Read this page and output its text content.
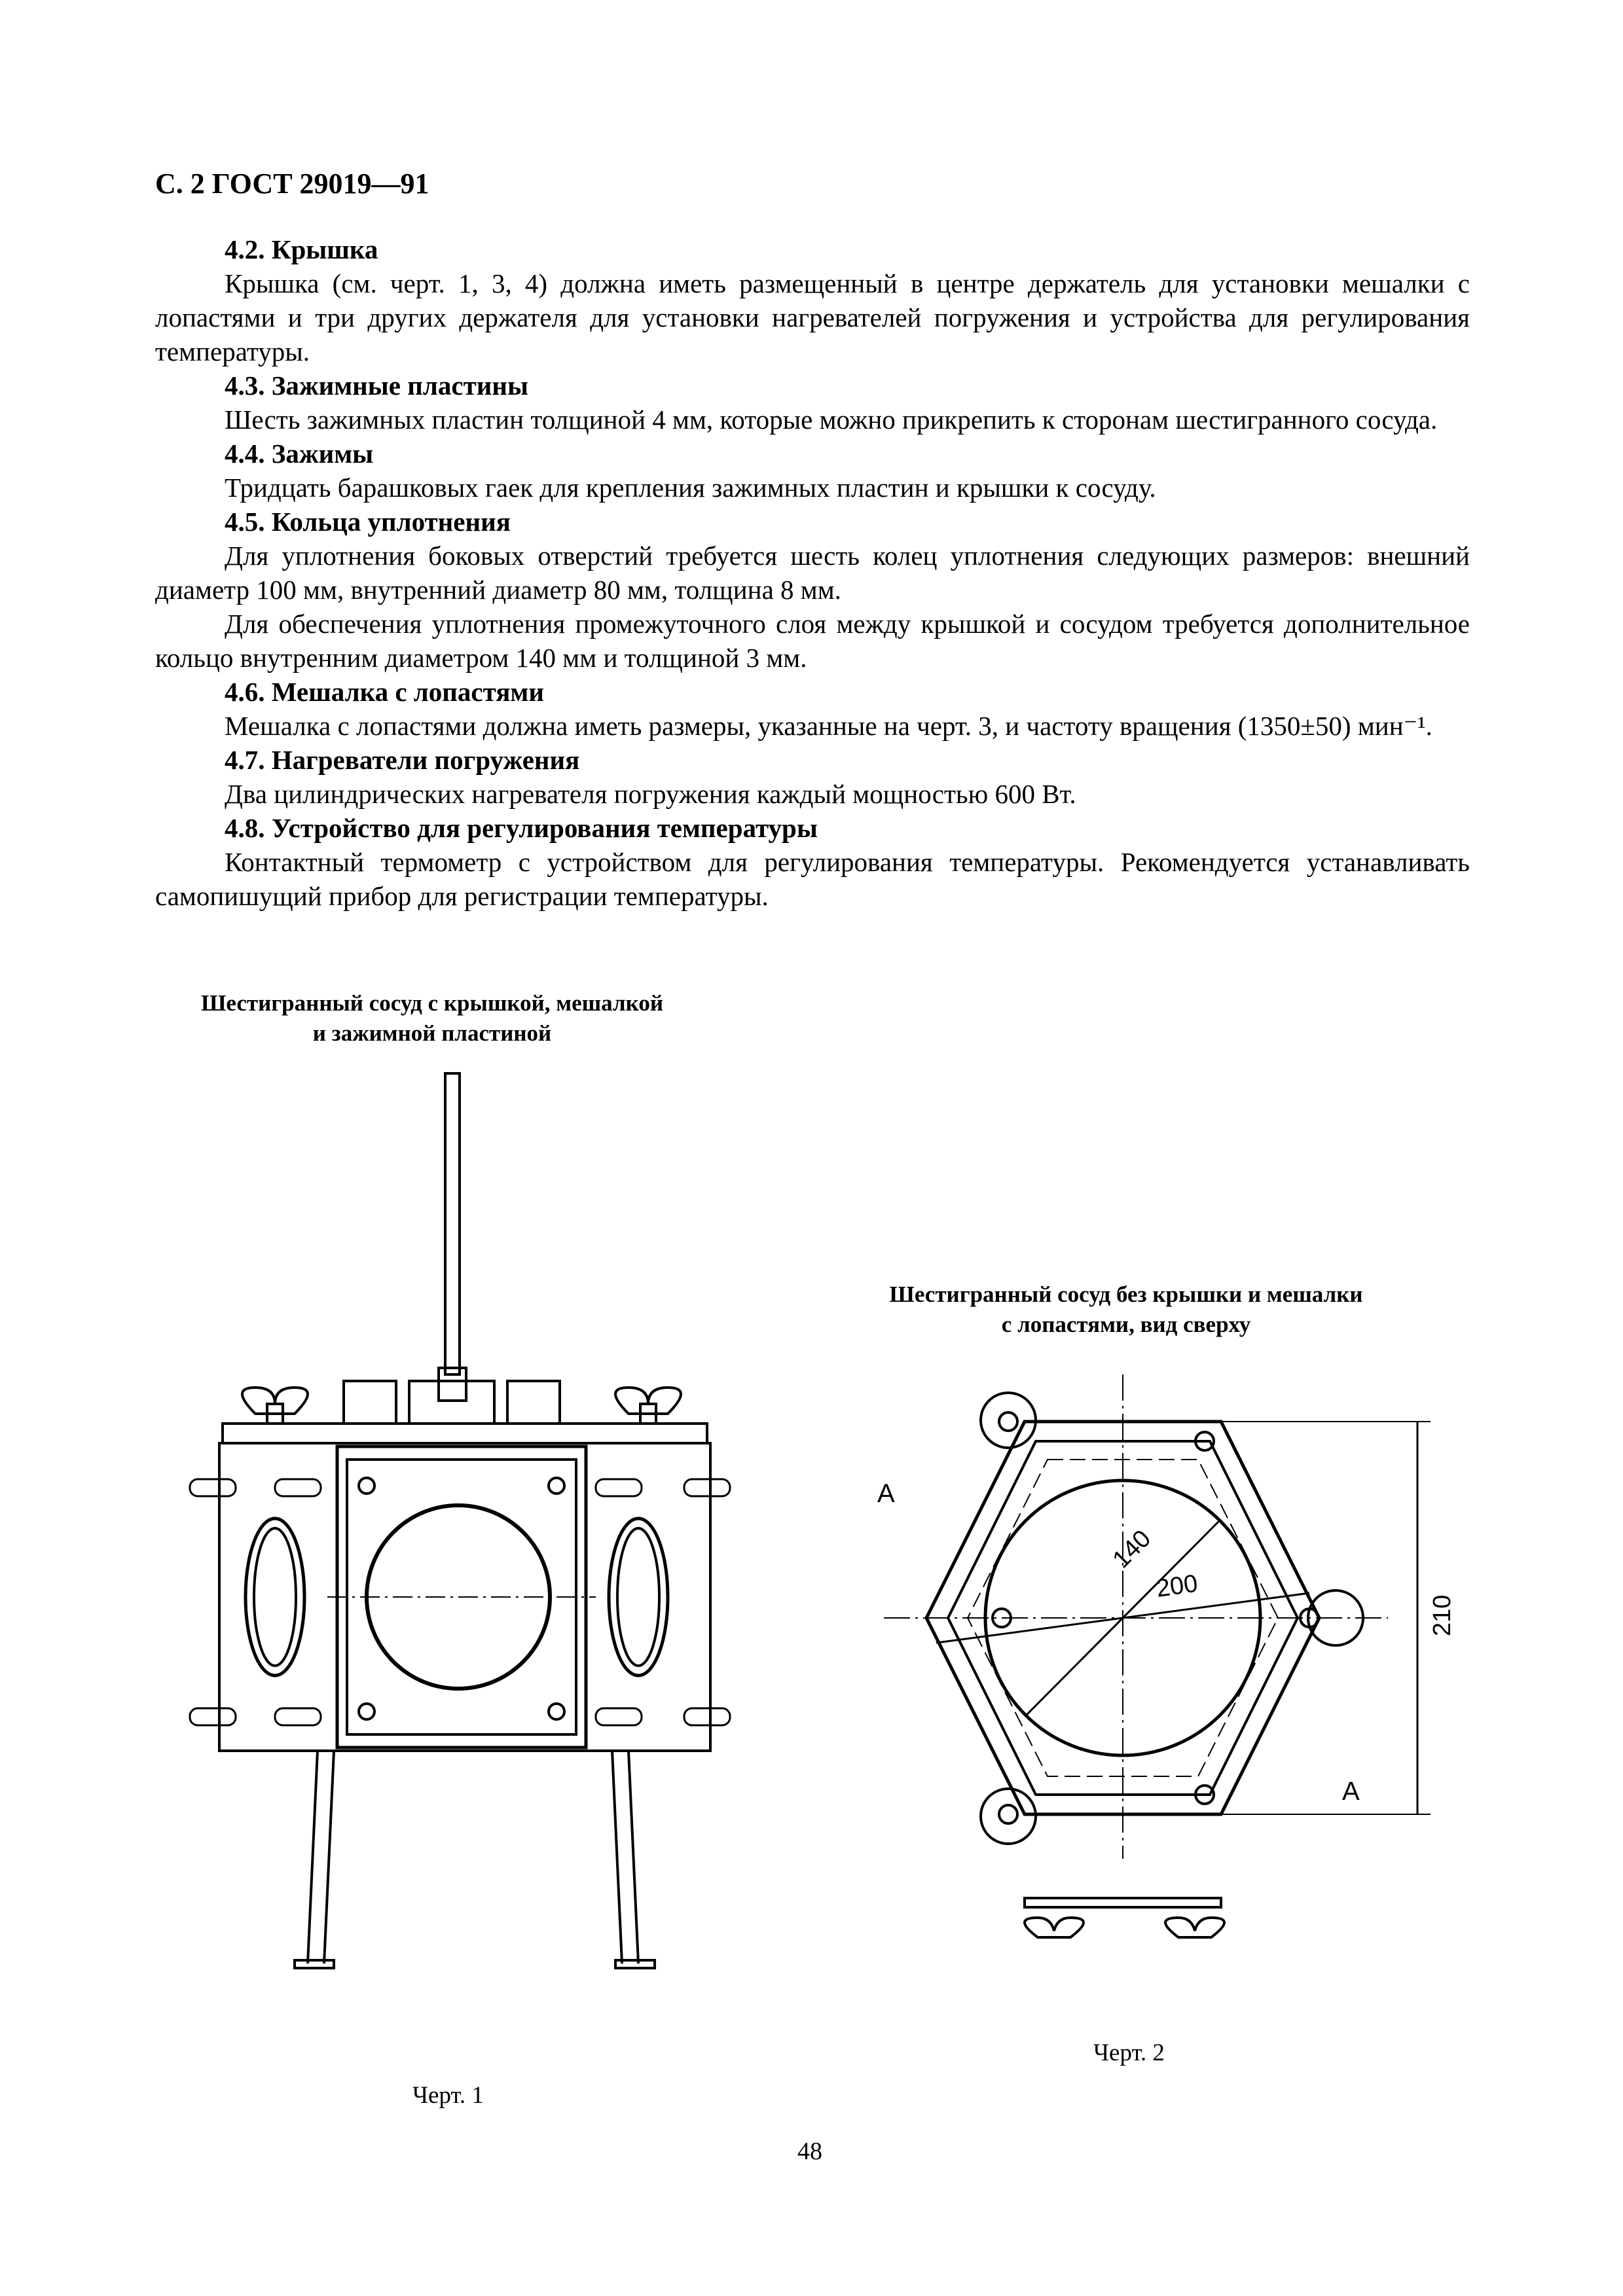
С. 2 ГОСТ 29019—91
4.2. Крышка
Крышка (см. черт. 1, 3, 4) должна иметь размещенный в центре держатель для установки мешалки с лопастями и три других держателя для установки нагревателей погружения и устройства для регулирования температуры.
4.3. Зажимные пластины
Шесть зажимных пластин толщиной 4 мм, которые можно прикрепить к сторонам шестигранного сосуда.
4.4. Зажимы
Тридцать барашковых гаек для крепления зажимных пластин и крышки к сосуду.
4.5. Кольца уплотнения
Для уплотнения боковых отверстий требуется шесть колец уплотнения следующих размеров: внешний диаметр 100 мм, внутренний диаметр 80 мм, толщина 8 мм.
Для обеспечения уплотнения промежуточного слоя между крышкой и сосудом требуется дополнительное кольцо внутренним диаметром 140 мм и толщиной 3 мм.
4.6. Мешалка с лопастями
Мешалка с лопастями должна иметь размеры, указанные на черт. 3, и частоту вращения (1350±50) мин⁻¹.
4.7. Нагреватели погружения
Два цилиндрических нагревателя погружения каждый мощностью 600 Вт.
4.8. Устройство для регулирования температуры
Контактный термометр с устройством для регулирования температуры. Рекомендуется устанавливать самопишущий прибор для регистрации температуры.
Шестигранный сосуд с крышкой, мешалкой
и зажимной пластиной
Шестигранный сосуд без крышки и мешалки
с лопастями, вид сверху
140
200
210
A
A
Черт. 2
Черт. 1
48
